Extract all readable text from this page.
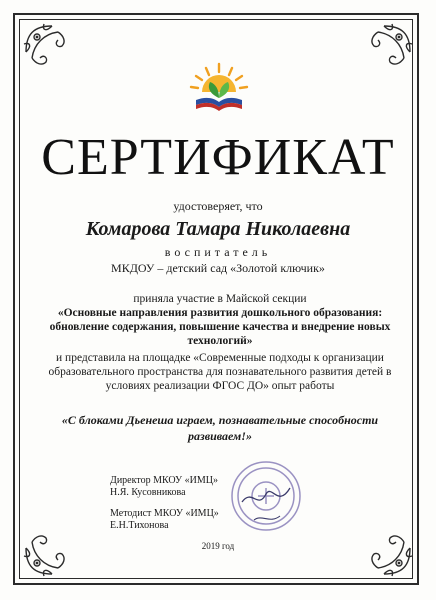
СЕРТИФИКАТ
удостоверяет, что
Комарова Тамара Николаевна
воспитатель
МКДОУ – детский сад «Золотой ключик»
приняла участие в Майской секции
«Основные направления развития дошкольного образования: обновление содержания, повышение качества и внедрение новых технологий»
и представила на площадке «Современные подходы к организации образовательного пространства для познавательного развития детей в условиях реализации ФГОС ДО» опыт работы
«С блоками Дьенеша играем, познавательные способности развиваем!»
Директор МКОУ «ИМЦ»
Н.Я. Кусовникова
Методист МКОУ «ИМЦ»
Е.Н.Тихонова
2019 год
